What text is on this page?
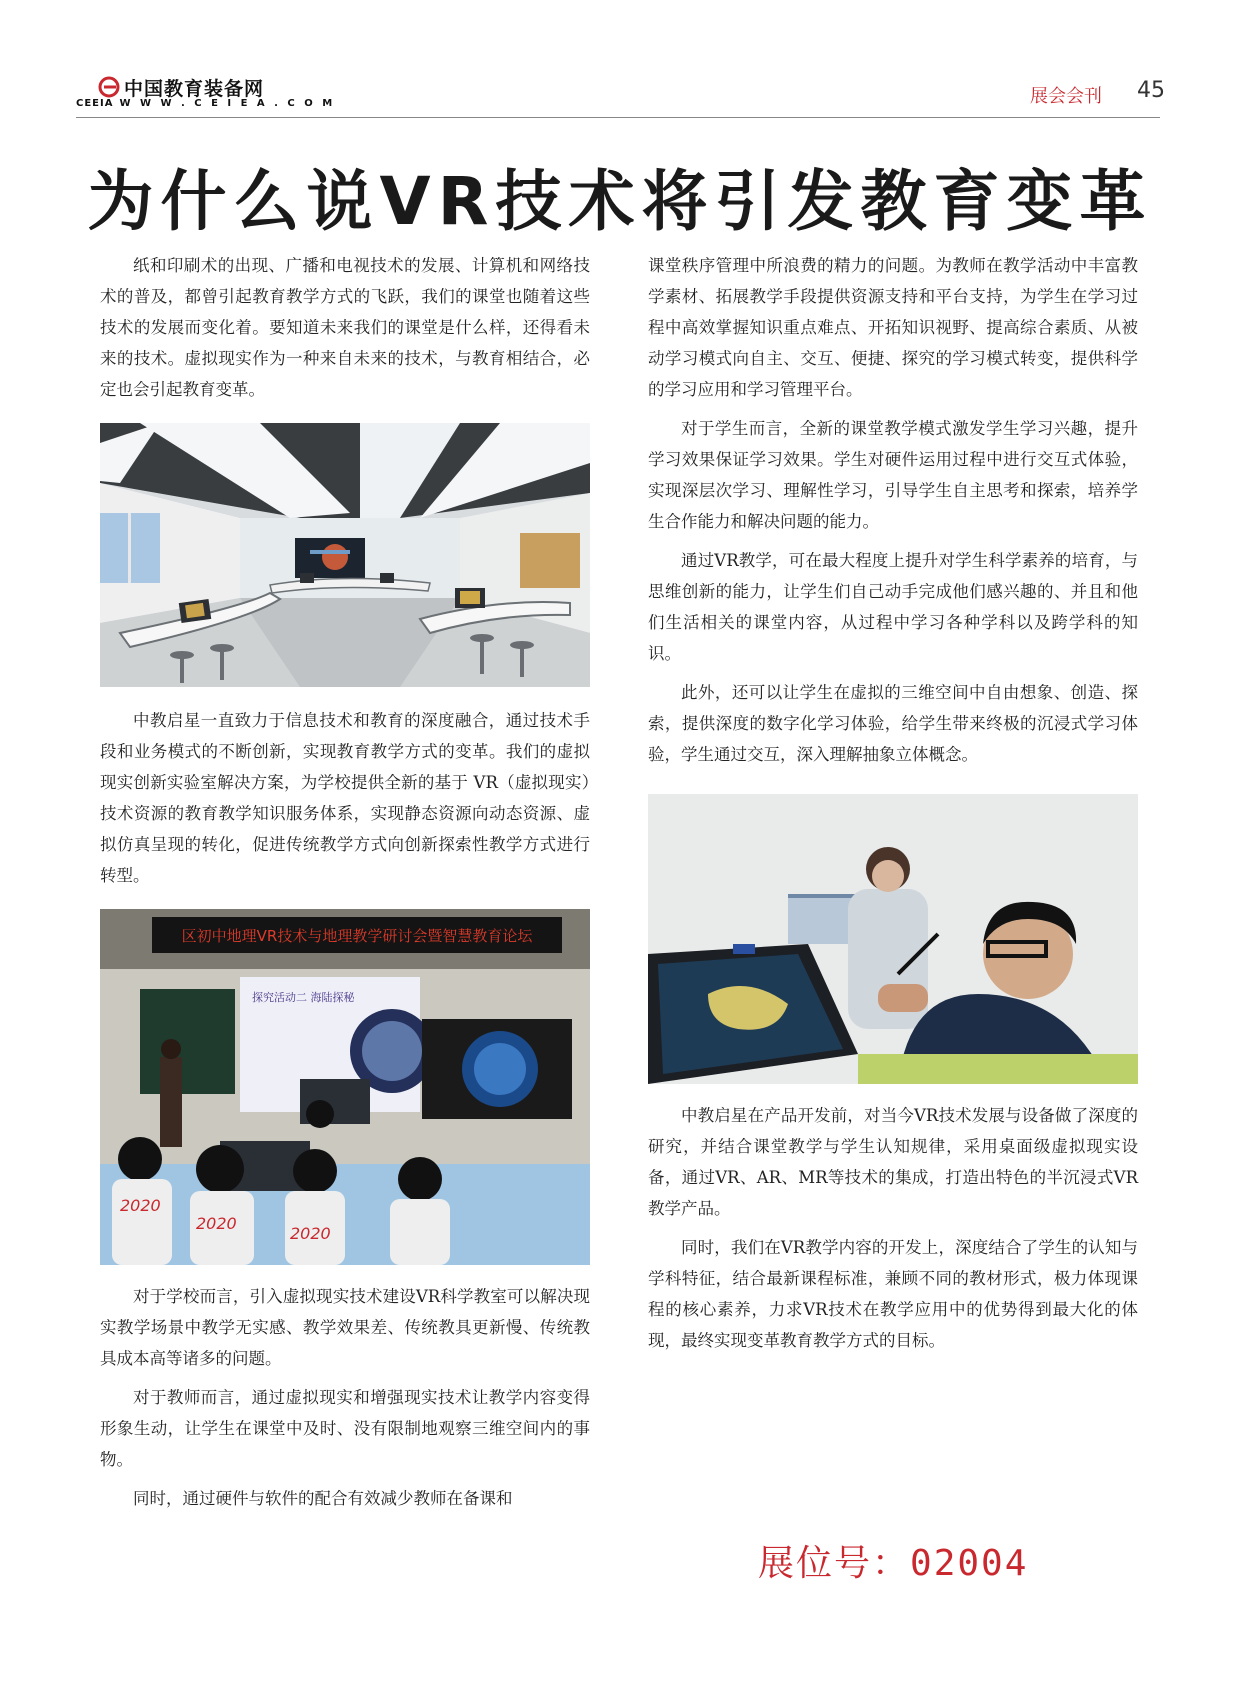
中国教育装备网
CEEIA W W W . C E I E A . C O M	展会会刊 45
为什么说VR技术将引发教育变革

纸和印刷术的出现、广播和电视技术的发展、计算机和网络技术的普及，都曾引起教育教学方式的飞跃，我们的课堂也随着这些技术的发展而变化着。要知道未来我们的课堂是什么样，还得看未来的技术。虚拟现实作为一种来自未来的技术，与教育相结合，必定也会引起教育变革。

中教启星一直致力于信息技术和教育的深度融合，通过技术手段和业务模式的不断创新，实现教育教学方式的变革。我们的虚拟现实创新实验室解决方案，为学校提供全新的基于 VR（虚拟现实）技术资源的教育教学知识服务体系，实现静态资源向动态资源、虚拟仿真呈现的转化，促进传统教学方式向创新探索性教学方式进行转型。

区初中地理VR技术与地理教学研讨会暨智慧教育论坛
探究活动二 海陆探秘
2020
2020
2020

对于学校而言，引入虚拟现实技术建设VR科学教室可以解决现实教学场景中教学无实感、教学效果差、传统教具更新慢、传统教具成本高等诸多的问题。

对于教师而言，通过虚拟现实和增强现实技术让教学内容变得形象生动，让学生在课堂中及时、没有限制地观察三维空间内的事物。

同时，通过硬件与软件的配合有效减少教师在备课和

课堂秩序管理中所浪费的精力的问题。为教师在教学活动中丰富教学素材、拓展教学手段提供资源支持和平台支持，为学生在学习过程中高效掌握知识重点难点、开拓知识视野、提高综合素质、从被动学习模式向自主、交互、便捷、探究的学习模式转变，提供科学的学习应用和学习管理平台。

对于学生而言，全新的课堂教学模式激发学生学习兴趣，提升学习效果保证学习效果。学生对硬件运用过程中进行交互式体验，实现深层次学习、理解性学习，引导学生自主思考和探索，培养学生合作能力和解决问题的能力。

通过VR教学，可在最大程度上提升对学生科学素养的培育，与思维创新的能力，让学生们自己动手完成他们感兴趣的、并且和他们生活相关的课堂内容，从过程中学习各种学科以及跨学科的知识。

此外，还可以让学生在虚拟的三维空间中自由想象、创造、探索，提供深度的数字化学习体验，给学生带来终极的沉浸式学习体验，学生通过交互，深入理解抽象立体概念。

中教启星在产品开发前，对当今VR技术发展与设备做了深度的研究，并结合课堂教学与学生认知规律，采用桌面级虚拟现实设备，通过VR、AR、MR等技术的集成，打造出特色的半沉浸式VR教学产品。

同时，我们在VR教学内容的开发上，深度结合了学生的认知与学科特征，结合最新课程标准，兼顾不同的教材形式，极力体现课程的核心素养，力求VR技术在教学应用中的优势得到最大化的体现，最终实现变革教育教学方式的目标。

展位号：02004
